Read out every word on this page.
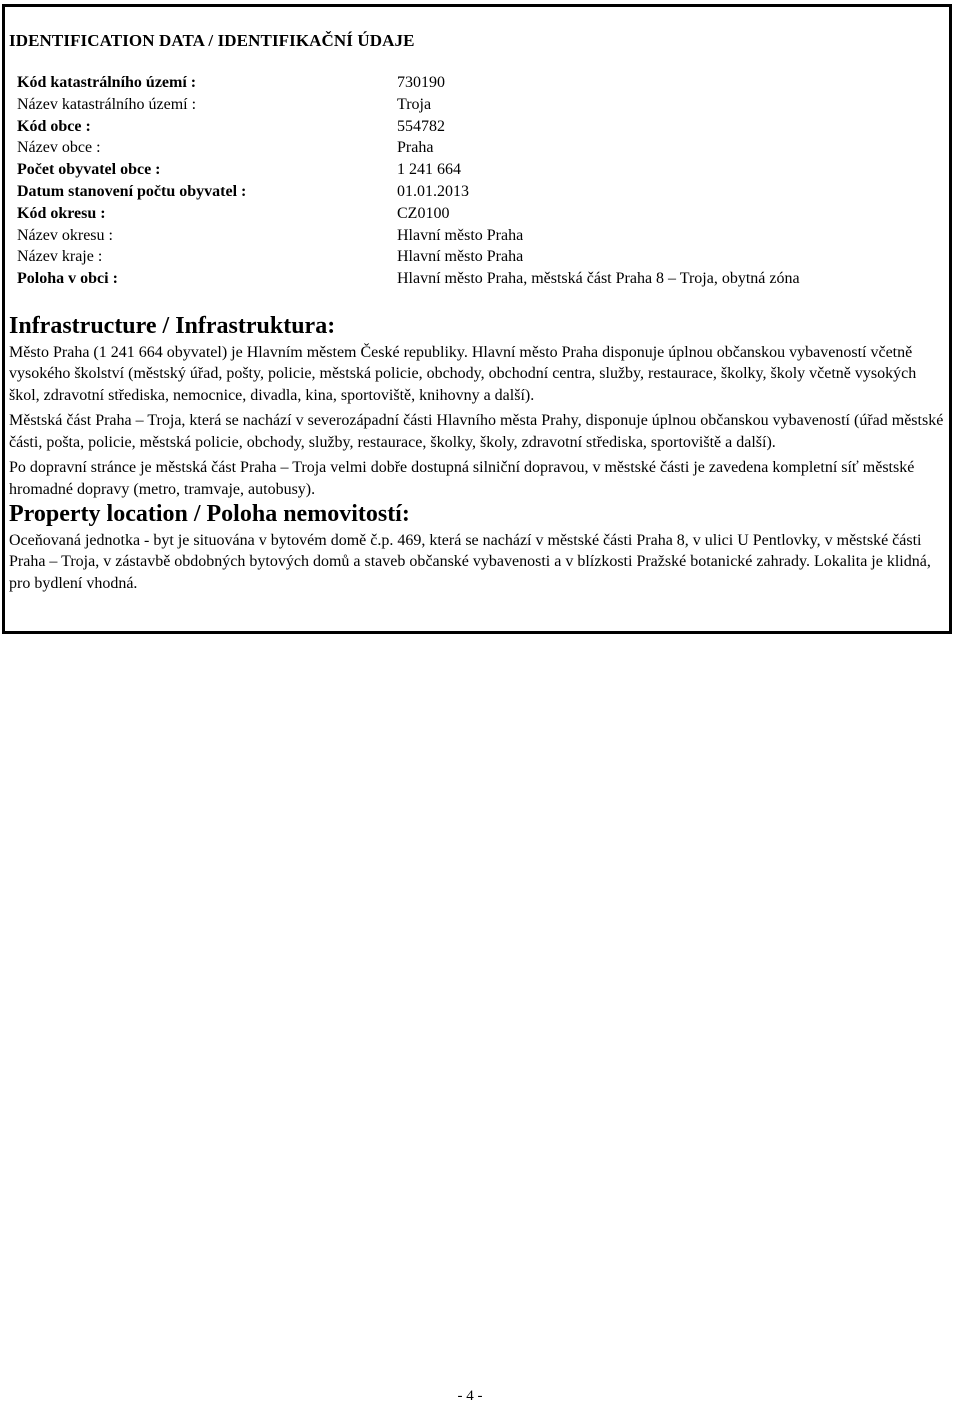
IDENTIFICATION DATA / IDENTIFIKAČNÍ ÚDAJE
Kód katastrálního území :	730190
Název katastrálního území :	Troja
Kód obce :	554782
Název obce :	Praha
Počet obyvatel obce :	1 241 664
Datum stanovení počtu obyvatel :	01.01.2013
Kód okresu :	CZ0100
Název okresu :	Hlavní město Praha
Název kraje :	Hlavní město Praha
Poloha v obci :	Hlavní město Praha, městská část Praha 8 – Troja, obytná zóna
Infrastructure / Infrastruktura:

Město Praha (1 241 664 obyvatel) je Hlavním městem České republiky. Hlavní město Praha disponuje úplnou občanskou vybaveností včetně vysokého školství (městský úřad, pošty, policie, městská policie, obchody, obchodní centra, služby, restaurace, školky, školy včetně vysokých škol, zdravotní střediska, nemocnice, divadla, kina, sportoviště, knihovny a další).

Městská část Praha – Troja, která se nachází v severozápadní části Hlavního města Prahy, disponuje úplnou občanskou vybaveností (úřad městské části, pošta, policie, městská policie, obchody, služby, restaurace, školky, školy, zdravotní střediska, sportoviště a další).

Po dopravní stránce je městská část Praha – Troja velmi dobře dostupná silniční dopravou, v městské části je zavedena kompletní síť městské hromadné dopravy (metro, tramvaje, autobusy).

Property location / Poloha nemovitostí:

Oceňovaná jednotka - byt je situována v bytovém domě č.p. 469, která se nachází v městské části Praha 8, v ulici U Pentlovky, v městské části Praha – Troja, v zástavbě obdobných bytových domů a staveb občanské vybavenosti a v blízkosti Pražské botanické zahrady. Lokalita je klidná, pro bydlení vhodná.

- 4 -
